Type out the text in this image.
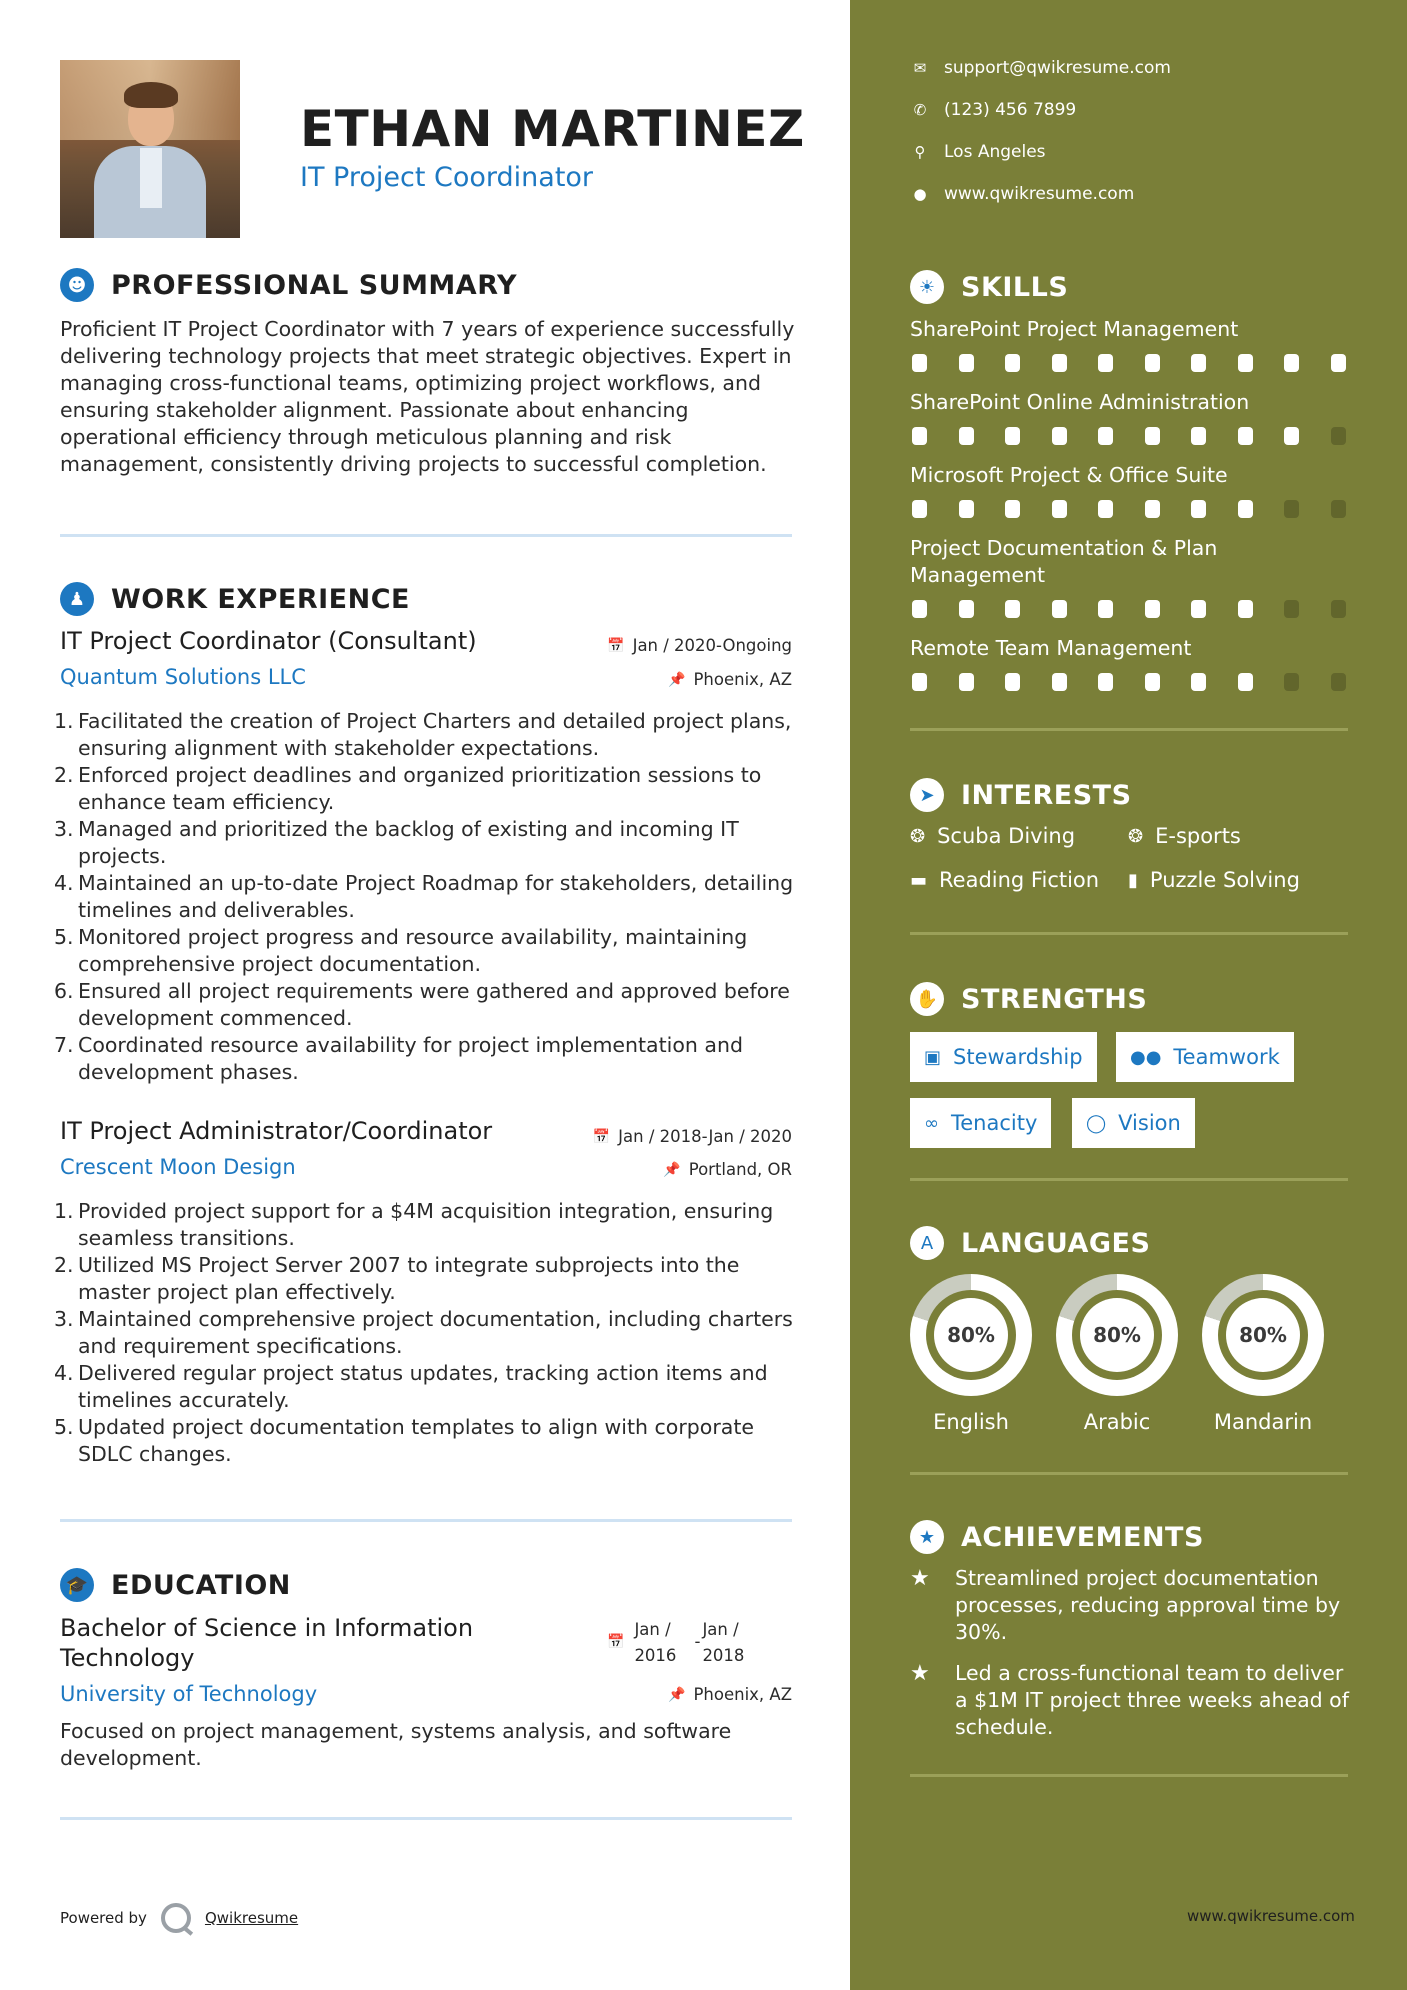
ETHAN MARTINEZ
IT Project Coordinator
☻ PROFESSIONAL SUMMARY
Proficient IT Project Coordinator with 7 years of experience successfully delivering technology projects that meet strategic objectives. Expert in managing cross-functional teams, optimizing project workflows, and ensuring stakeholder alignment. Passionate about enhancing operational efficiency through meticulous planning and risk management, consistently driving projects to successful completion.
♟ WORK EXPERIENCE
IT Project Coordinator (Consultant)	📅 Jan / 2020-Ongoing
Quantum Solutions LLC	📌 Phoenix, AZ
1. Facilitated the creation of Project Charters and detailed project plans, ensuring alignment with stakeholder expectations.
2. Enforced project deadlines and organized prioritization sessions to enhance team efficiency.
3. Managed and prioritized the backlog of existing and incoming IT projects.
4. Maintained an up-to-date Project Roadmap for stakeholders, detailing timelines and deliverables.
5. Monitored project progress and resource availability, maintaining comprehensive project documentation.
6. Ensured all project requirements were gathered and approved before development commenced.
7. Coordinated resource availability for project implementation and development phases.
IT Project Administrator/Coordinator	📅 Jan / 2018-Jan / 2020
Crescent Moon Design	📌 Portland, OR
1. Provided project support for a $4M acquisition integration, ensuring seamless transitions.
2. Utilized MS Project Server 2007 to integrate subprojects into the master project plan effectively.
3. Maintained comprehensive project documentation, including charters and requirement specifications.
4. Delivered regular project status updates, tracking action items and timelines accurately.
5. Updated project documentation templates to align with corporate SDLC changes.
🎓 EDUCATION
Bachelor of Science in Information
Technology
📅
Jan /
2016
-
Jan /
2018
University of Technology	📌 Phoenix, AZ
Focused on project management, systems analysis, and software development.
Powered by	Qwikresume
✉ support@qwikresume.com
✆ (123) 456 7899
⚲ Los Angeles
● www.qwikresume.com
☀ SKILLS
SharePoint Project Management
SharePoint Online Administration
Microsoft Project & Office Suite
Project Documentation & Plan
Management
Remote Team Management
➤ INTERESTS
❂ Scuba Diving	❂ E-sports
▬ Reading Fiction ▮ Puzzle Solving
✋ STRENGTHS
▣ Stewardship	●● Teamwork
∞ Tenacity	◯ Vision
A	LANGUAGES
80%
English
80%
Arabic
80%
Mandarin
★ ACHIEVEMENTS
★	Streamlined project documentation processes, reducing approval time by 30%.
★	Led a cross-functional team to deliver a $1M IT project three weeks ahead of schedule.
www.qwikresume.com
